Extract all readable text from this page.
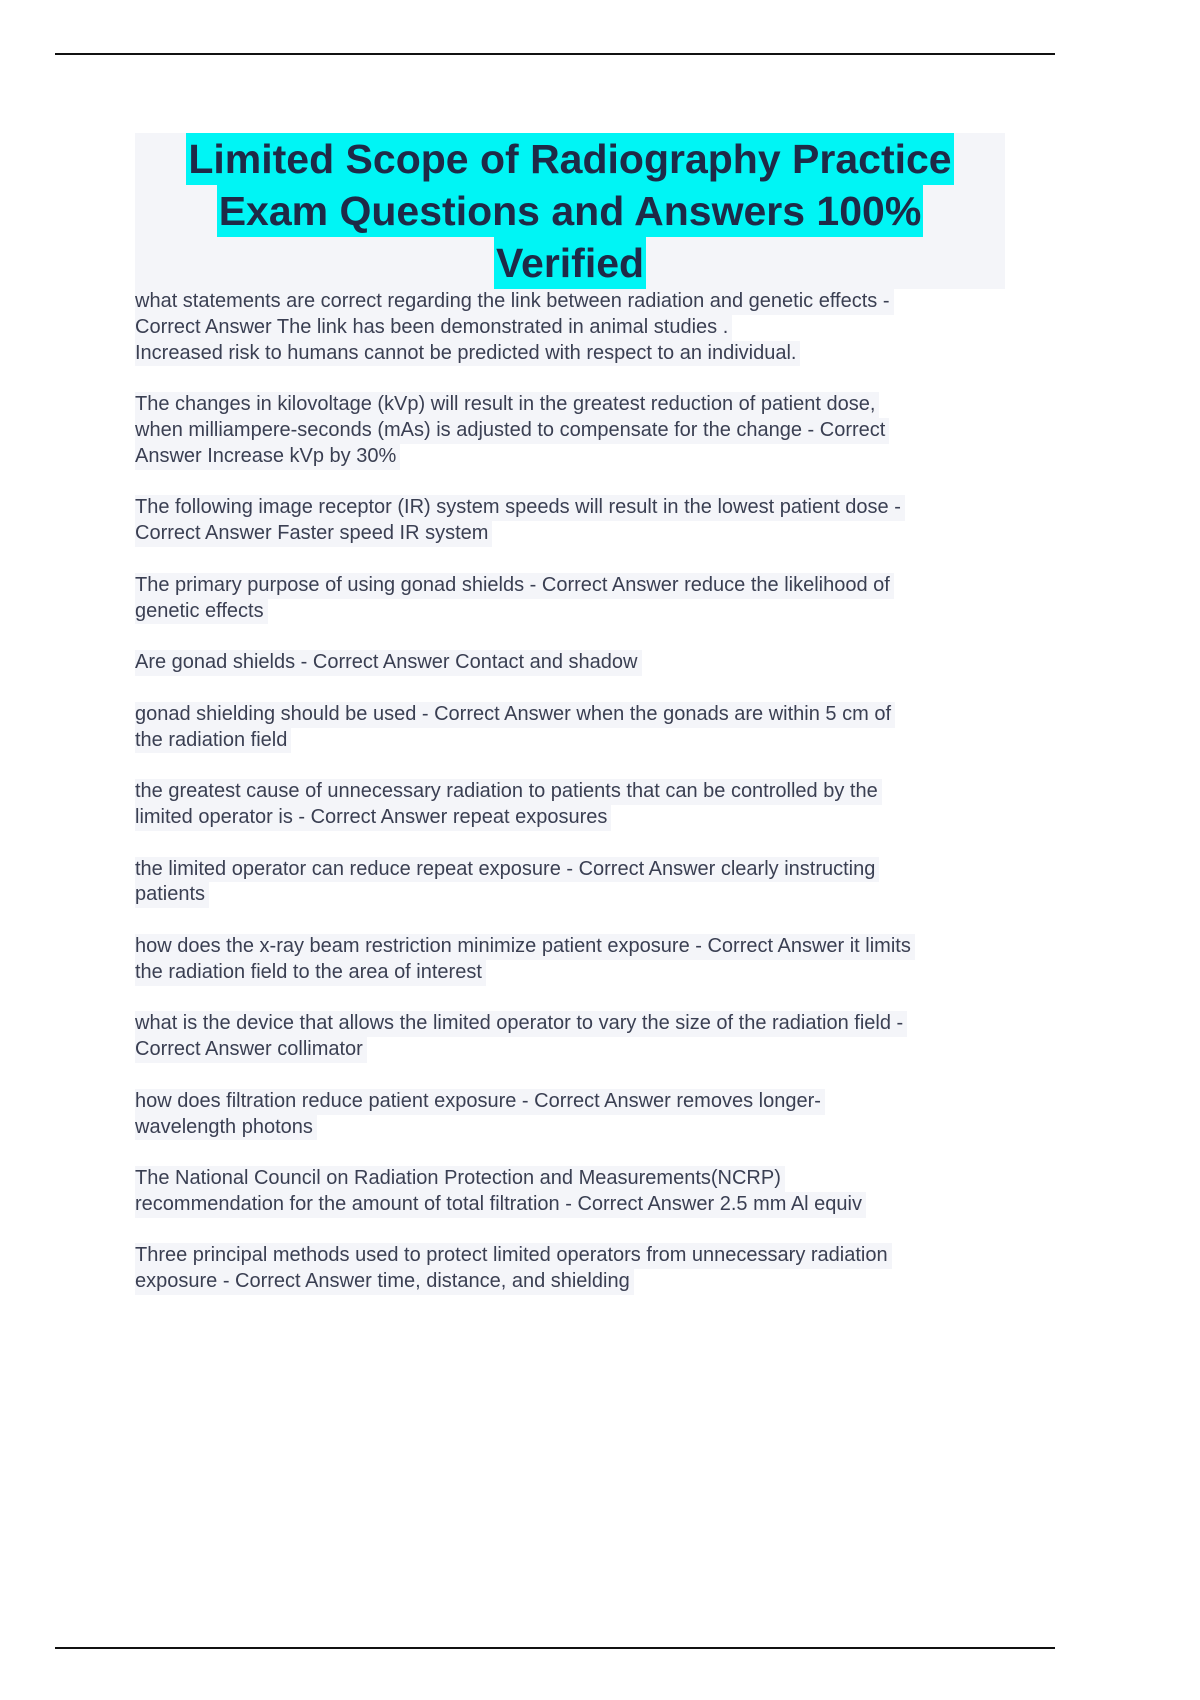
Limited Scope of Radiography Practice
Exam Questions and Answers 100%
Verified
what statements are correct regarding the link between radiation and genetic effects -
Correct Answer The link has been demonstrated in animal studies .
Increased risk to humans cannot be predicted with respect to an individual.
The changes in kilovoltage (kVp) will result in the greatest reduction of patient dose,
when milliampere-seconds (mAs) is adjusted to compensate for the change - Correct
Answer Increase kVp by 30%
The following image receptor (IR) system speeds will result in the lowest patient dose -
Correct Answer Faster speed IR system
The primary purpose of using gonad shields - Correct Answer reduce the likelihood of
genetic effects
Are gonad shields - Correct Answer Contact and shadow
gonad shielding should be used - Correct Answer when the gonads are within 5 cm of
the radiation field
the greatest cause of unnecessary radiation to patients that can be controlled by the
limited operator is - Correct Answer repeat exposures
the limited operator can reduce repeat exposure - Correct Answer clearly instructing
patients
how does the x-ray beam restriction minimize patient exposure - Correct Answer it limits
the radiation field to the area of interest
what is the device that allows the limited operator to vary the size of the radiation field -
Correct Answer collimator
how does filtration reduce patient exposure - Correct Answer removes longer-
wavelength photons
The National Council on Radiation Protection and Measurements(NCRP)
recommendation for the amount of total filtration - Correct Answer 2.5 mm Al equiv
Three principal methods used to protect limited operators from unnecessary radiation
exposure - Correct Answer time, distance, and shielding
